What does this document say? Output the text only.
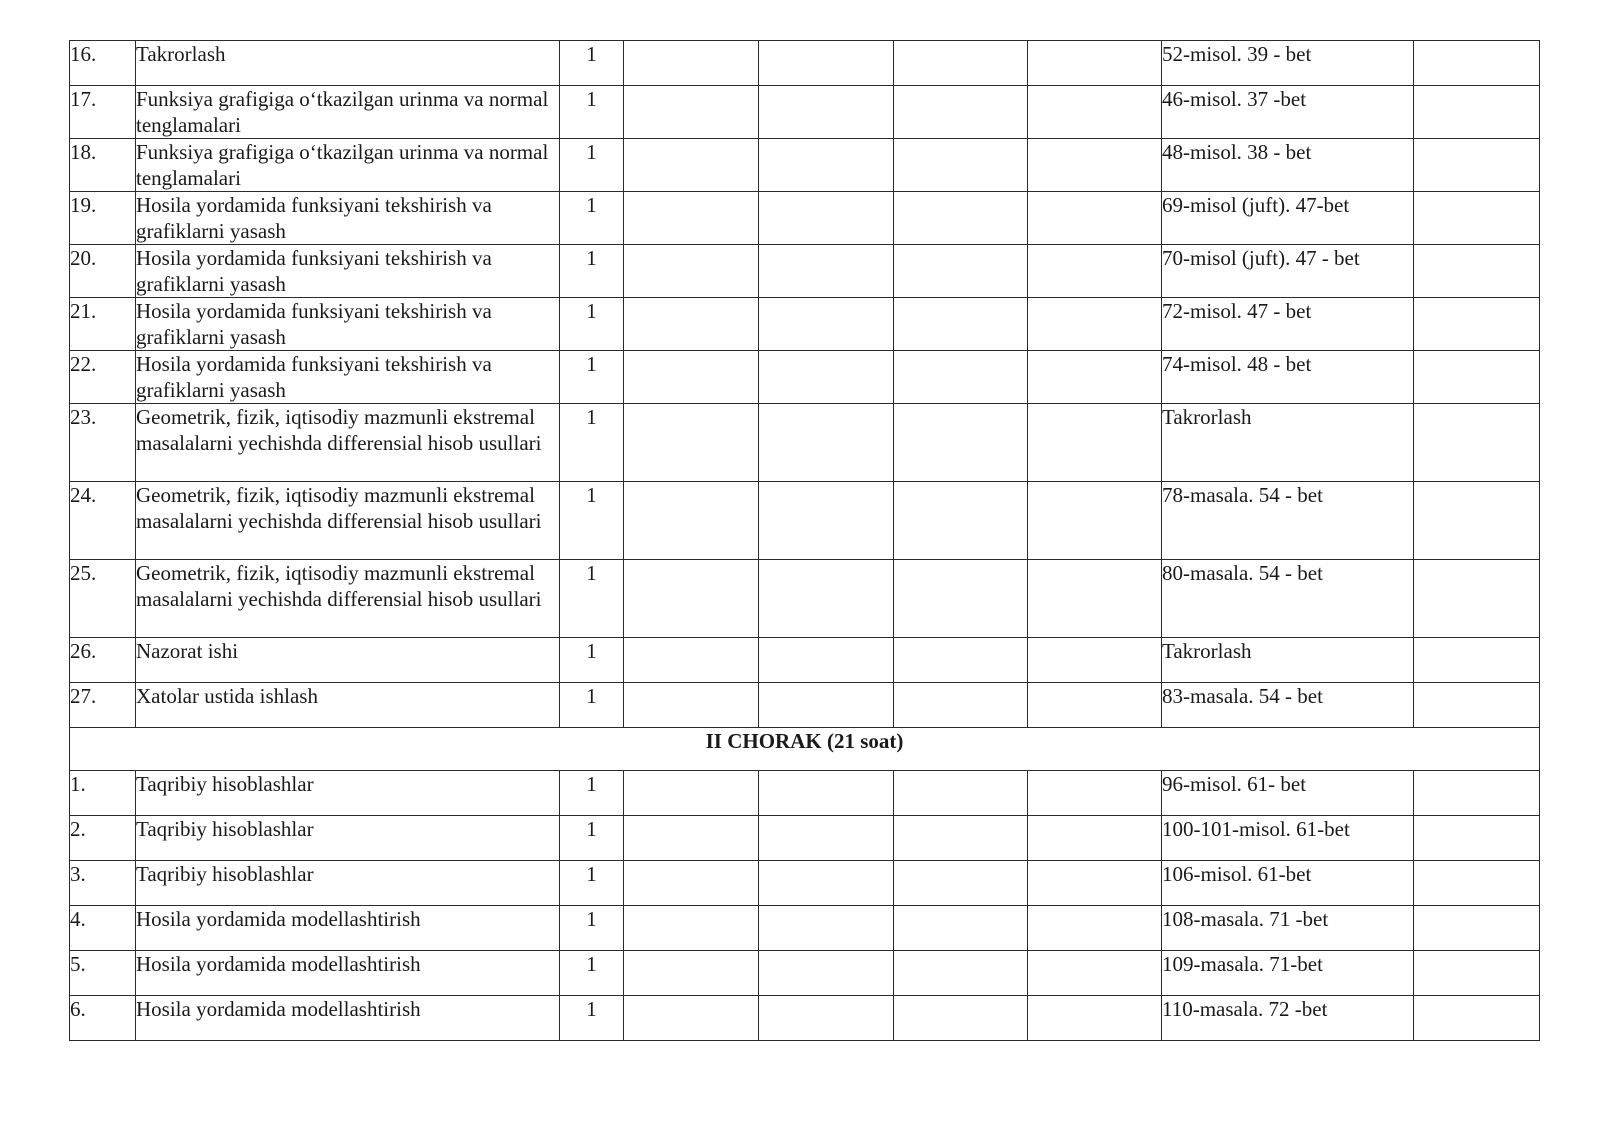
16.	Takrorlash	1					52-misol. 39 - bet	
17.	Funksiya grafigiga o‘tkazilgan urinma va normal tenglamalari	1					46-misol. 37 -bet	
18.	Funksiya grafigiga o‘tkazilgan urinma va normal tenglamalari	1					48-misol. 38 - bet	
19.	Hosila yordamida funksiyani tekshirish va grafiklarni yasash	1					69-misol (juft). 47-bet	
20.	Hosila yordamida funksiyani tekshirish va grafiklarni yasash	1					70-misol (juft). 47 - bet	
21.	Hosila yordamida funksiyani tekshirish va grafiklarni yasash	1					72-misol. 47 - bet	
22.	Hosila yordamida funksiyani tekshirish va grafiklarni yasash	1					74-misol. 48 - bet	
23.	Geometrik, fizik, iqtisodiy mazmunli ekstremal masalalarni yechishda differensial hisob usullari	1					Takrorlash	
24.	Geometrik, fizik, iqtisodiy mazmunli ekstremal masalalarni yechishda differensial hisob usullari	1					78-masala. 54 - bet	
25.	Geometrik, fizik, iqtisodiy mazmunli ekstremal masalalarni yechishda differensial hisob usullari	1					80-masala. 54 - bet	
26.	Nazorat ishi	1					Takrorlash	
27.	Xatolar ustida ishlash	1					83-masala. 54 - bet	
II CHORAK (21 soat)								
1.	Taqribiy hisoblashlar	1					96-misol. 61- bet	
2.	Taqribiy hisoblashlar	1					100-101-misol. 61-bet	
3.	Taqribiy hisoblashlar	1					106-misol. 61-bet	
4.	Hosila yordamida modellashtirish	1					108-masala. 71 -bet	
5.	Hosila yordamida modellashtirish	1					109-masala. 71-bet	
6.	Hosila yordamida modellashtirish	1					110-masala. 72 -bet	
